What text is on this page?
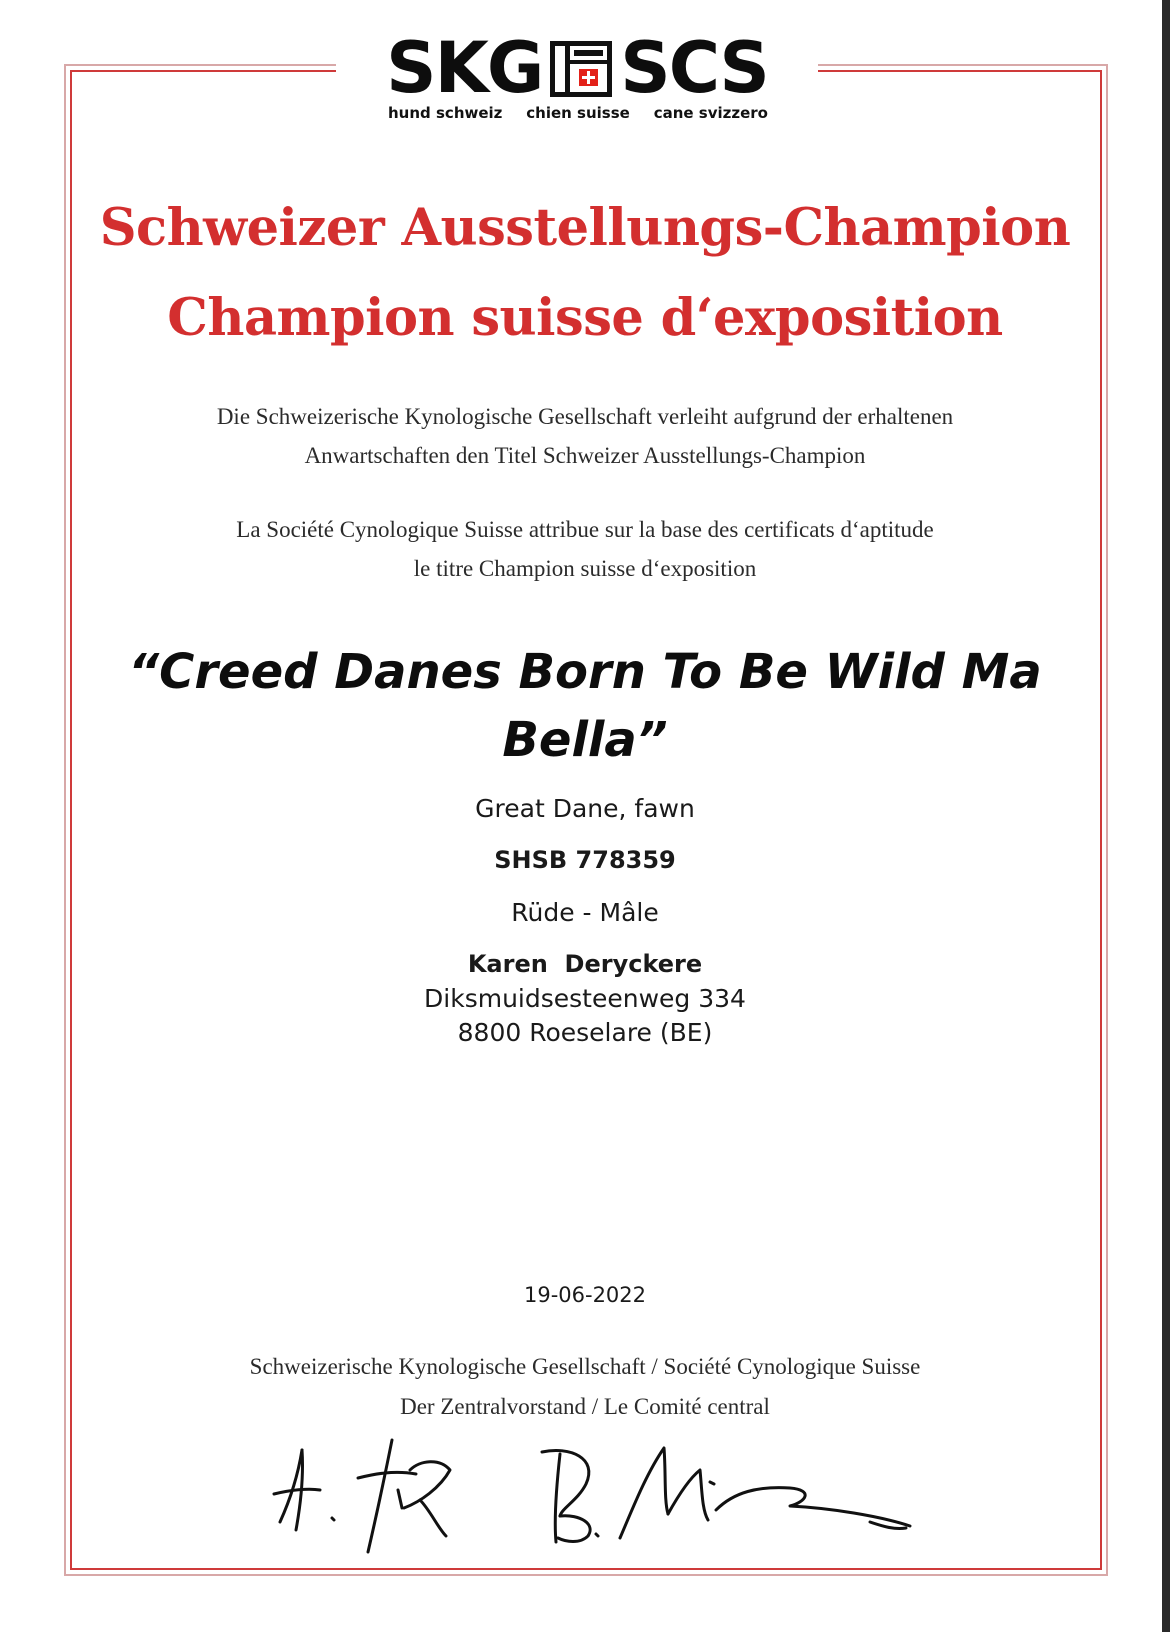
SKG SCS
hund schweiz chien suisse cane svizzero
Schweizer Ausstellungs-Champion
Champion suisse d‘exposition
Die Schweizerische Kynologische Gesellschaft verleiht aufgrund der erhaltenen
Anwartschaften den Titel Schweizer Ausstellungs-Champion
La Société Cynologique Suisse attribue sur la base des certificats d‘aptitude
le titre Champion suisse d‘exposition
“Creed Danes Born To Be Wild Ma
Bella”
Great Dane, fawn
SHSB 778359
Rüde - Mâle
Karen  Deryckere
Diksmuidsesteenweg 334
8800 Roeselare (BE)
19-06-2022
Schweizerische Kynologische Gesellschaft / Société Cynologique Suisse
Der Zentralvorstand / Le Comité central
